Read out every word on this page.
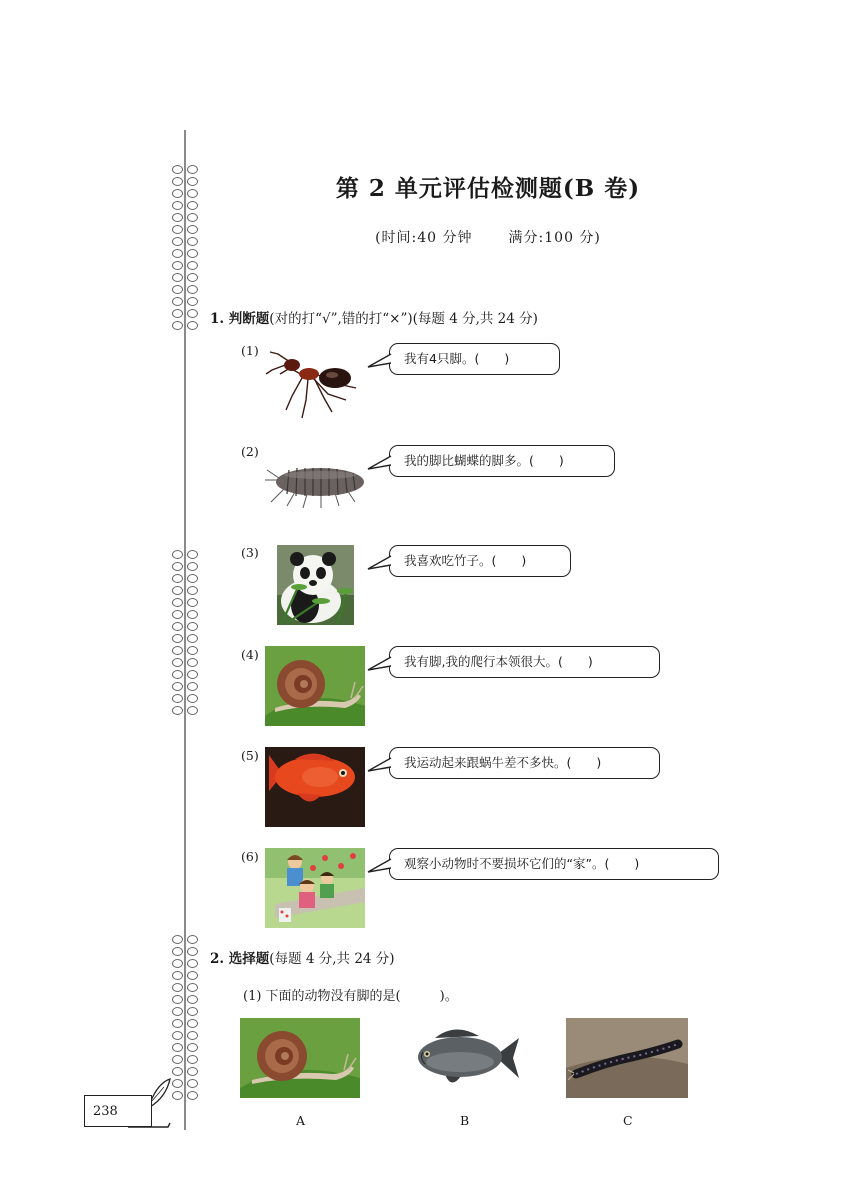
第 2 单元评估检测题(B 卷)
(时间:40 分钟	满分:100 分)
1. 判断题(对的打“√”,错的打“×”)(每题 4 分,共 24 分)
(1)
我有4只脚。(　　)
(2)
我的脚比蝴蝶的脚多。(　　)
(3)
我喜欢吃竹子。(　　)
(4)	我有脚,我的爬行本领很大。(　　)
(5)	我运动起来跟蜗牛差不多快。(　　)
(6)	观察小动物时不要损坏它们的“家”。(　　)
2. 选择题(每题 4 分,共 24 分)
(1) 下面的动物没有脚的是(　　　)。
A	B	C
238
